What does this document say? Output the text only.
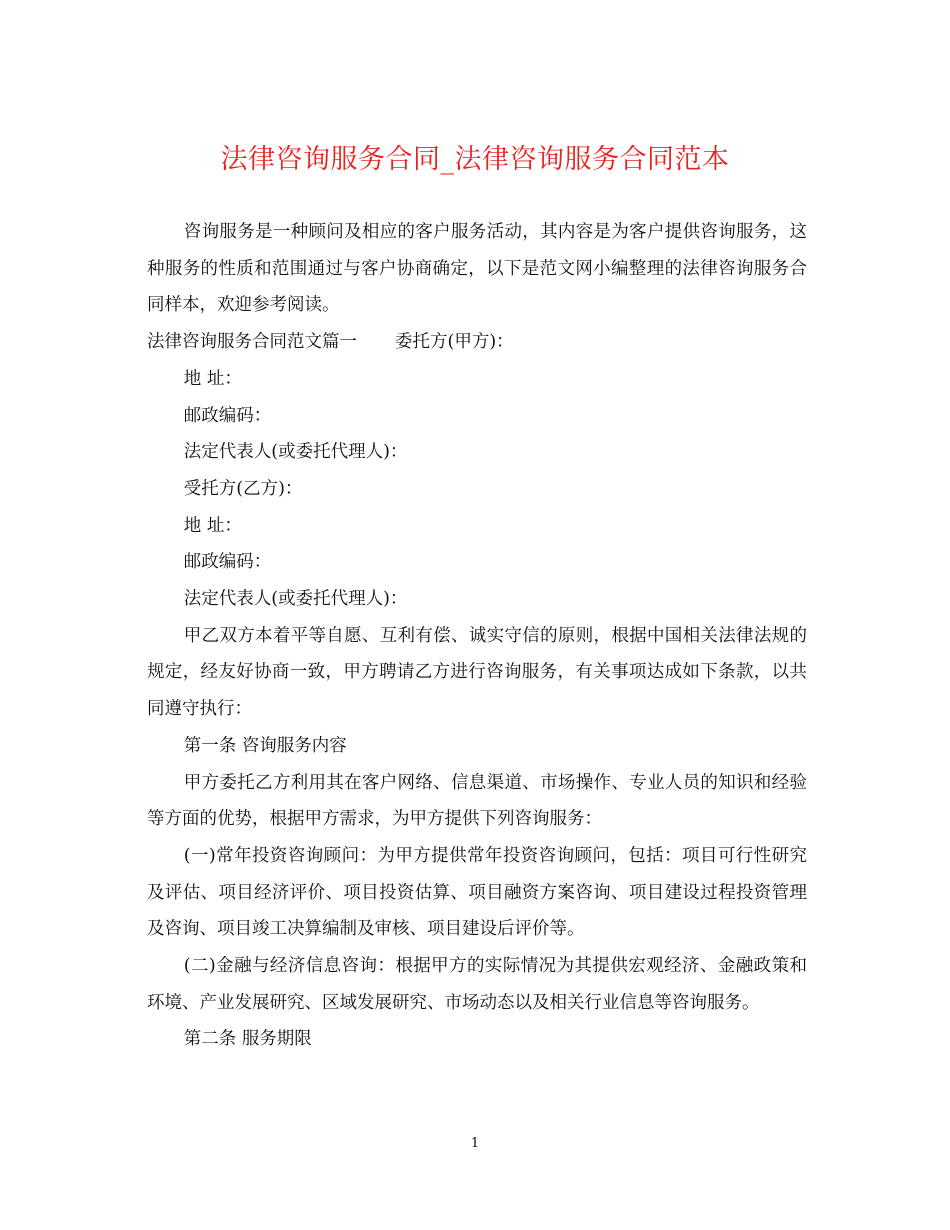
法律咨询服务合同_法律咨询服务合同范本

咨询服务是一种顾问及相应的客户服务活动，其内容是为客户提供咨询服务，这种服务的性质和范围通过与客户协商确定，以下是范文网小编整理的法律咨询服务合同样本，欢迎参考阅读。

法律咨询服务合同范文篇一 委托方(甲方)：

地 址：

邮政编码：

法定代表人(或委托代理人)：

受托方(乙方)：

地 址：

邮政编码：

法定代表人(或委托代理人)：

甲乙双方本着平等自愿、互利有偿、诚实守信的原则，根据中国相关法律法规的规定，经友好协商一致，甲方聘请乙方进行咨询服务，有关事项达成如下条款，以共同遵守执行：

第一条 咨询服务内容

甲方委托乙方利用其在客户网络、信息渠道、市场操作、专业人员的知识和经验等方面的优势，根据甲方需求，为甲方提供下列咨询服务：

(一)常年投资咨询顾问：为甲方提供常年投资咨询顾问，包括：项目可行性研究及评估、项目经济评价、项目投资估算、项目融资方案咨询、项目建设过程投资管理及咨询、项目竣工决算编制及审核、项目建设后评价等。

(二)金融与经济信息咨询：根据甲方的实际情况为其提供宏观经济、金融政策和环境、产业发展研究、区域发展研究、市场动态以及相关行业信息等咨询服务。

第二条 服务期限

1
